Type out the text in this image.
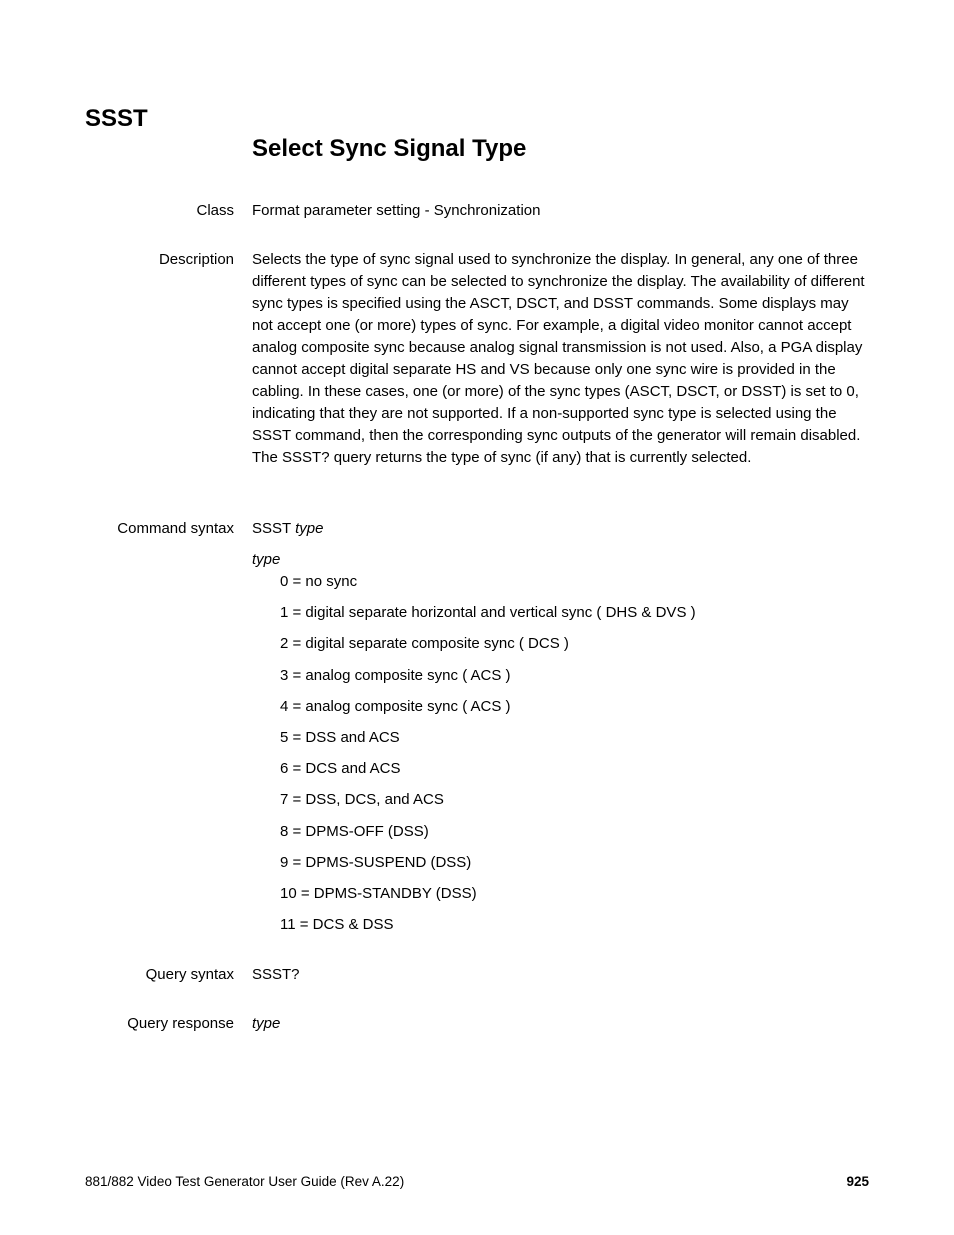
SSST
Select Sync Signal Type
Class Format parameter setting - Synchronization
Description Selects the type of sync signal used to synchronize the display. In general, any one of three different types of sync can be selected to synchronize the display. The availability of different sync types is specified using the ASCT, DSCT, and DSST commands. Some displays may not accept one (or more) types of sync. For example, a digital video monitor cannot accept analog composite sync because analog signal transmission is not used. Also, a PGA display cannot accept digital separate HS and VS because only one sync wire is provided in the cabling. In these cases, one (or more) of the sync types (ASCT, DSCT, or DSST) is set to 0, indicating that they are not supported. If a non-supported sync type is selected using the SSST command, then the corresponding sync outputs of the generator will remain disabled. The SSST? query returns the type of sync (if any) that is currently selected.

Command syntax SSST type
type
0 = no sync
1 = digital separate horizontal and vertical sync ( DHS & DVS )
2 = digital separate composite sync ( DCS )
3 = analog composite sync ( ACS )
4 = analog composite sync ( ACS )
5 = DSS and ACS
6 = DCS and ACS
7 = DSS, DCS, and ACS
8 = DPMS-OFF (DSS)
9 = DPMS-SUSPEND (DSS)
10 = DPMS-STANDBY (DSS)
11 = DCS & DSS
Query syntax SSST?
Query response type
881/882 Video Test Generator User Guide (Rev A.22)	925
